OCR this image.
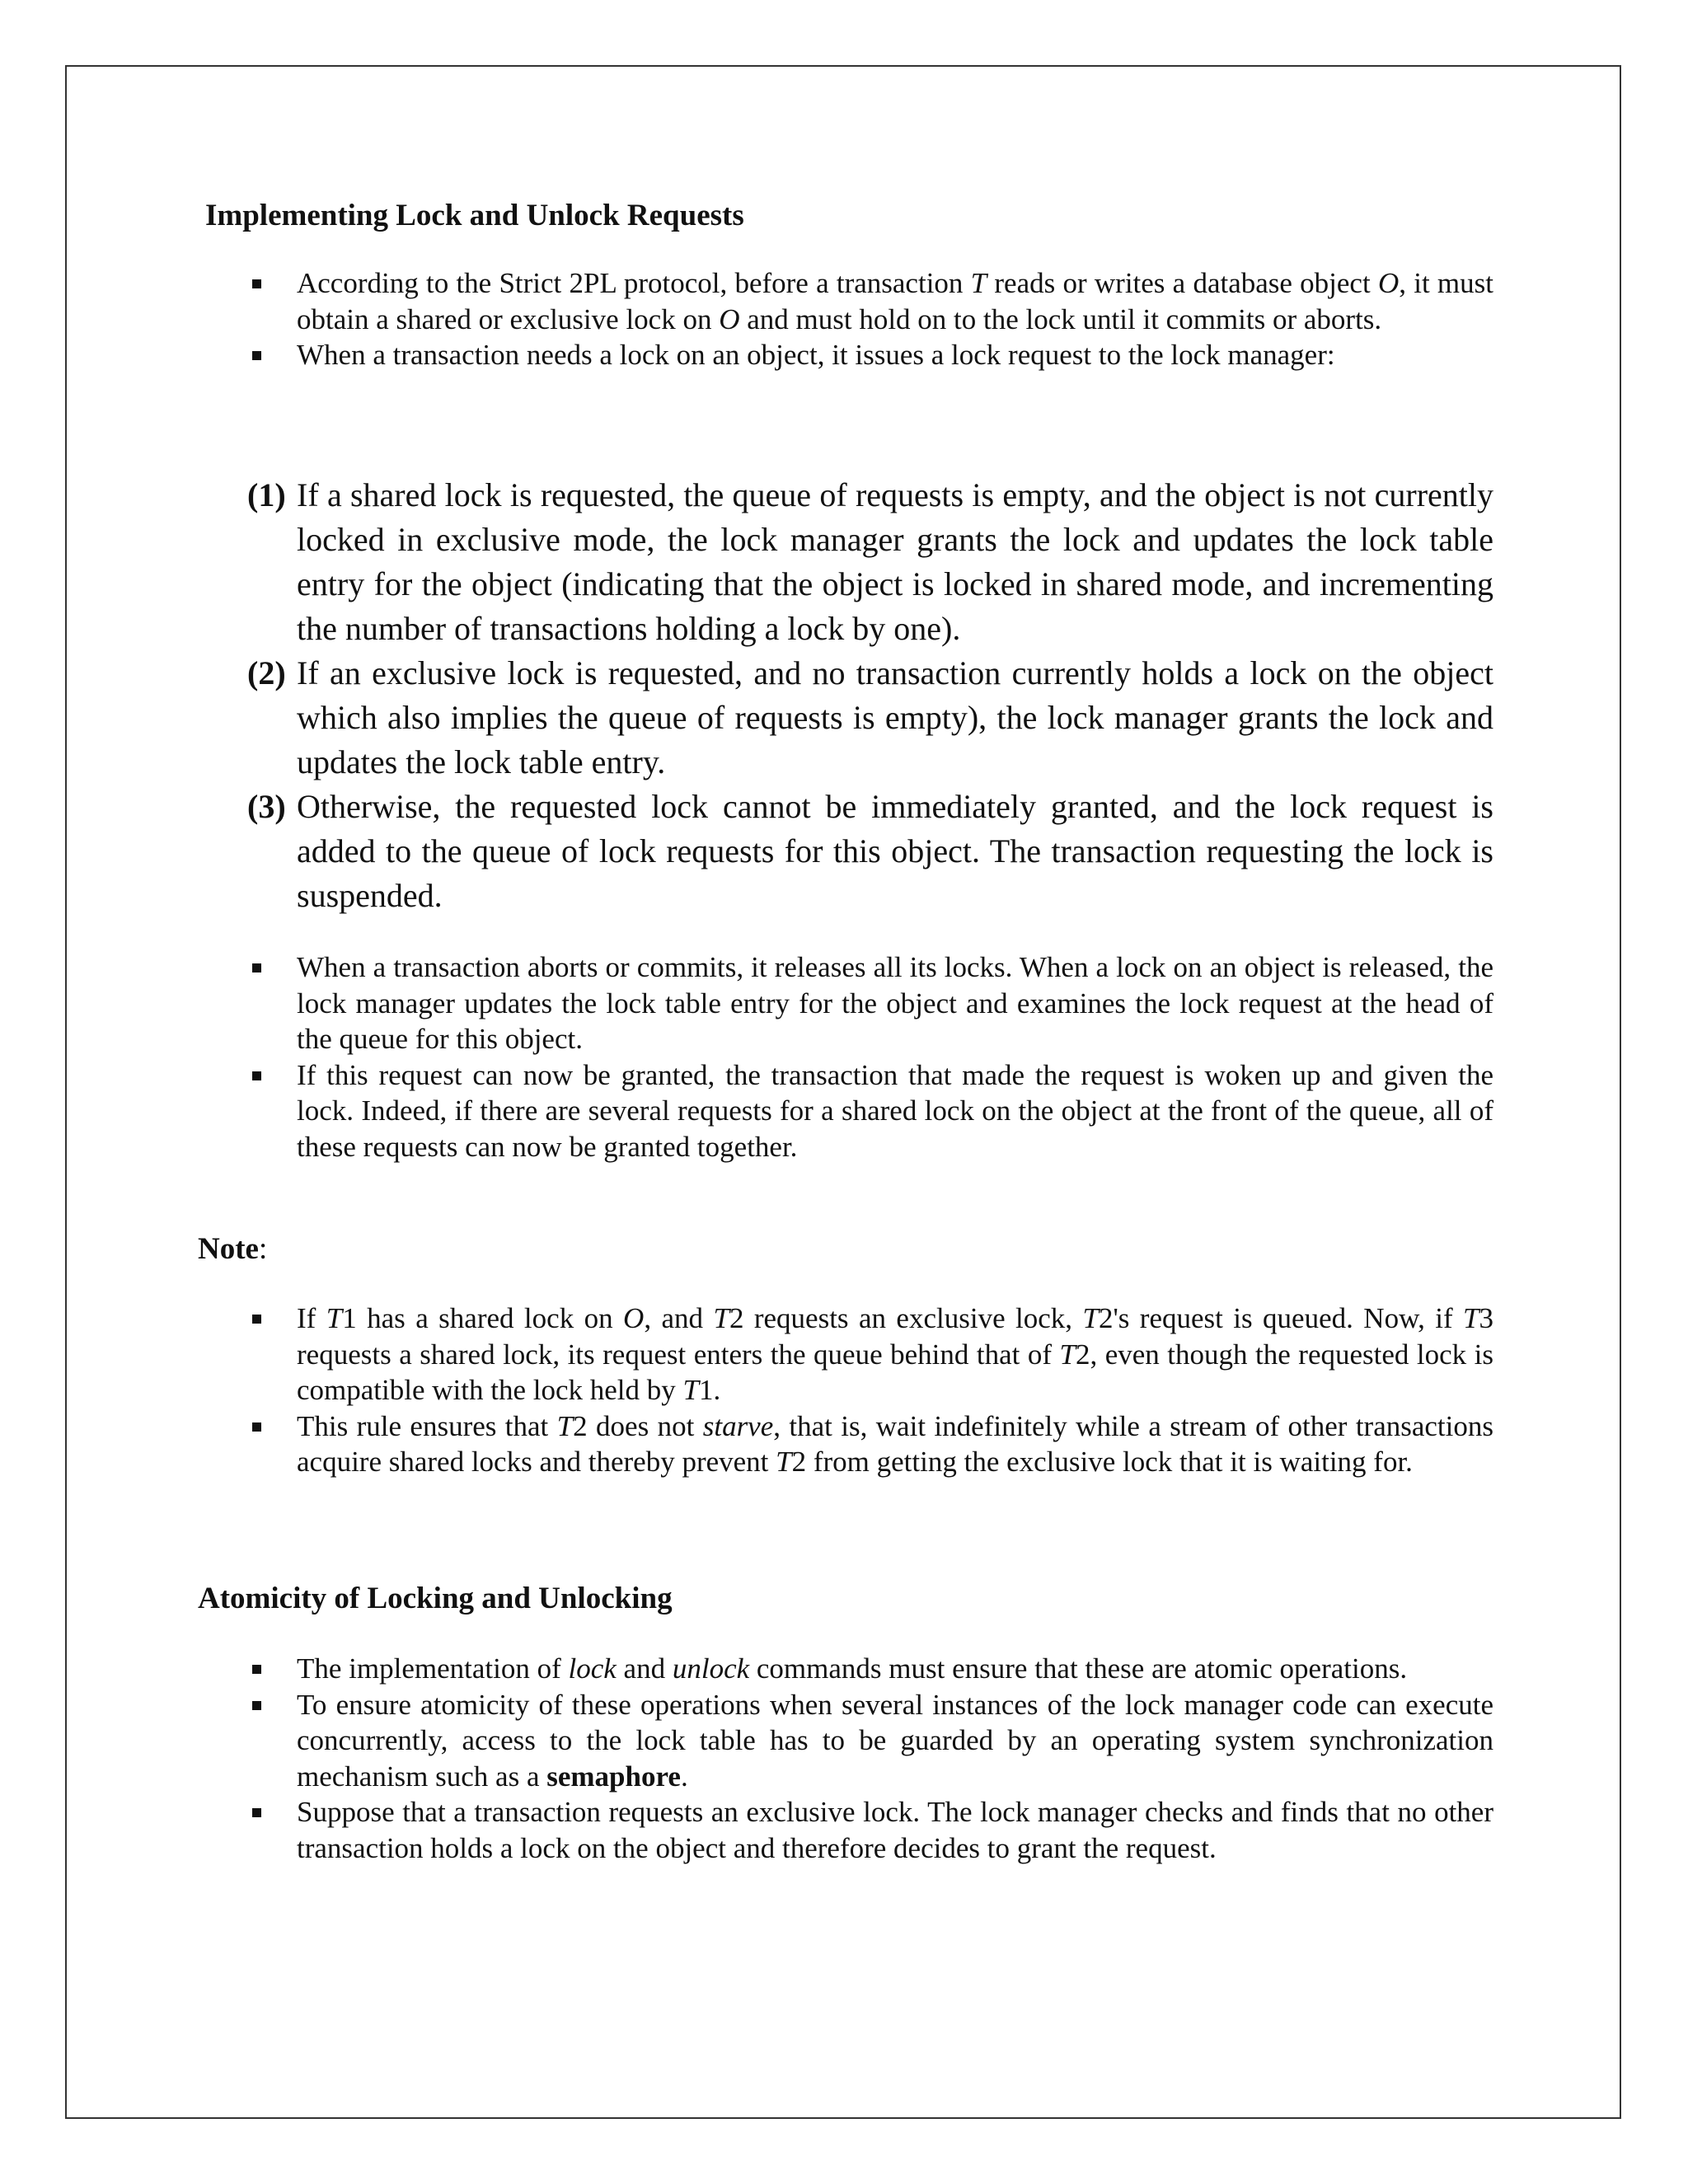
Implementing Lock and Unlock Requests
According to the Strict 2PL protocol, before a transaction T reads or writes a database object O, it must obtain a shared or exclusive lock on O and must hold on to the lock until it commits or aborts.
When a transaction needs a lock on an object, it issues a lock request to the lock manager:
(1) If a shared lock is requested, the queue of requests is empty, and the object is not currently locked in exclusive mode, the lock manager grants the lock and updates the lock table entry for the object (indicating that the object is locked in shared mode, and incrementing the number of transactions holding a lock by one).
(2) If an exclusive lock is requested, and no transaction currently holds a lock on the object which also implies the queue of requests is empty), the lock manager grants the lock and updates the lock table entry.
(3) Otherwise, the requested lock cannot be immediately granted, and the lock request is added to the queue of lock requests for this object. The transaction requesting the lock is suspended.
When a transaction aborts or commits, it releases all its locks. When a lock on an object is released, the lock manager updates the lock table entry for the object and examines the lock request at the head of the queue for this object.
If this request can now be granted, the transaction that made the request is woken up and given the lock. Indeed, if there are several requests for a shared lock on the object at the front of the queue, all of these requests can now be granted together.
Note:
If T1 has a shared lock on O, and T2 requests an exclusive lock, T2's request is queued. Now, if T3 requests a shared lock, its request enters the queue behind that of T2, even though the requested lock is compatible with the lock held by T1.
This rule ensures that T2 does not starve, that is, wait indefinitely while a stream of other transactions acquire shared locks and thereby prevent T2 from getting the exclusive lock that it is waiting for.
Atomicity of Locking and Unlocking
The implementation of lock and unlock commands must ensure that these are atomic operations.
To ensure atomicity of these operations when several instances of the lock manager code can execute concurrently, access to the lock table has to be guarded by an operating system synchronization mechanism such as a semaphore.
Suppose that a transaction requests an exclusive lock. The lock manager checks and finds that no other transaction holds a lock on the object and therefore decides to grant the request.
